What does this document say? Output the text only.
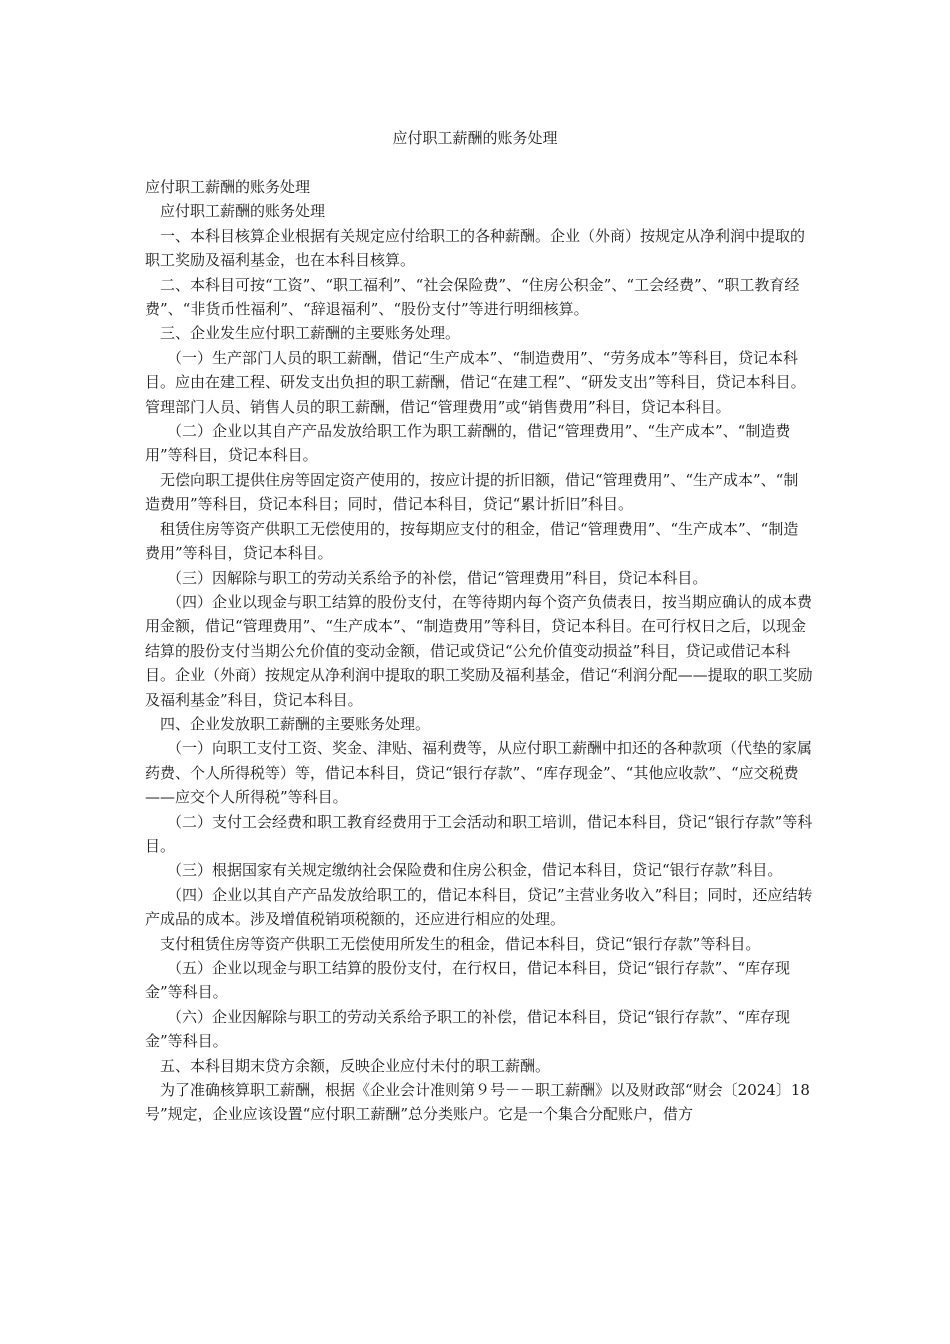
应付职工薪酬的账务处理

应付职工薪酬的账务处理

应付职工薪酬的账务处理

一、本科目核算企业根据有关规定应付给职工的各种薪酬。企业（外商）按规定从净利润中提取的职工奖励及福利基金，也在本科目核算。

二、本科目可按“工资”、“职工福利”、“社会保险费”、“住房公积金”、“工会经费”、“职工教育经费”、“非货币性福利”、“辞退福利”、“股份支付”等进行明细核算。

三、企业发生应付职工薪酬的主要账务处理。

（一）生产部门人员的职工薪酬，借记“生产成本”、“制造费用”、“劳务成本”等科目，贷记本科目。应由在建工程、研发支出负担的职工薪酬，借记“在建工程”、“研发支出”等科目，贷记本科目。管理部门人员、销售人员的职工薪酬，借记“管理费用”或“销售费用”科目，贷记本科目。

（二）企业以其自产产品发放给职工作为职工薪酬的，借记“管理费用”、“生产成本”、“制造费用”等科目，贷记本科目。

无偿向职工提供住房等固定资产使用的，按应计提的折旧额，借记“管理费用”、“生产成本”、“制造费用”等科目，贷记本科目；同时，借记本科目，贷记“累计折旧”科目。

租赁住房等资产供职工无偿使用的，按每期应支付的租金，借记“管理费用”、“生产成本”、“制造费用”等科目，贷记本科目。

（三）因解除与职工的劳动关系给予的补偿，借记“管理费用”科目，贷记本科目。

（四）企业以现金与职工结算的股份支付，在等待期内每个资产负债表日，按当期应确认的成本费用金额，借记“管理费用”、“生产成本”、“制造费用”等科目，贷记本科目。在可行权日之后，以现金结算的股份支付当期公允价值的变动金额，借记或贷记“公允价值变动损益”科目，贷记或借记本科目。企业（外商）按规定从净利润中提取的职工奖励及福利基金，借记“利润分配——提取的职工奖励及福利基金”科目，贷记本科目。

四、企业发放职工薪酬的主要账务处理。

（一）向职工支付工资、奖金、津贴、福利费等，从应付职工薪酬中扣还的各种款项（代垫的家属药费、个人所得税等）等，借记本科目，贷记“银行存款”、“库存现金”、“其他应收款”、“应交税费——应交个人所得税”等科目。

（二）支付工会经费和职工教育经费用于工会活动和职工培训，借记本科目，贷记“银行存款”等科目。

（三）根据国家有关规定缴纳社会保险费和住房公积金，借记本科目，贷记“银行存款”科目。

（四）企业以其自产产品发放给职工的，借记本科目，贷记”主营业务收入”科目；同时，还应结转产成品的成本。涉及增值税销项税额的，还应进行相应的处理。

支付租赁住房等资产供职工无偿使用所发生的租金，借记本科目，贷记“银行存款”等科目。

（五）企业以现金与职工结算的股份支付，在行权日，借记本科目，贷记“银行存款”、“库存现金”等科目。

（六）企业因解除与职工的劳动关系给予职工的补偿，借记本科目，贷记“银行存款”、“库存现金”等科目。

五、本科目期末贷方余额，反映企业应付未付的职工薪酬。

为了准确核算职工薪酬，根据《企业会计准则第９号－－职工薪酬》以及财政部“财会〔2024〕18号”规定，企业应该设置“应付职工薪酬”总分类账户。它是一个集合分配账户，借方
